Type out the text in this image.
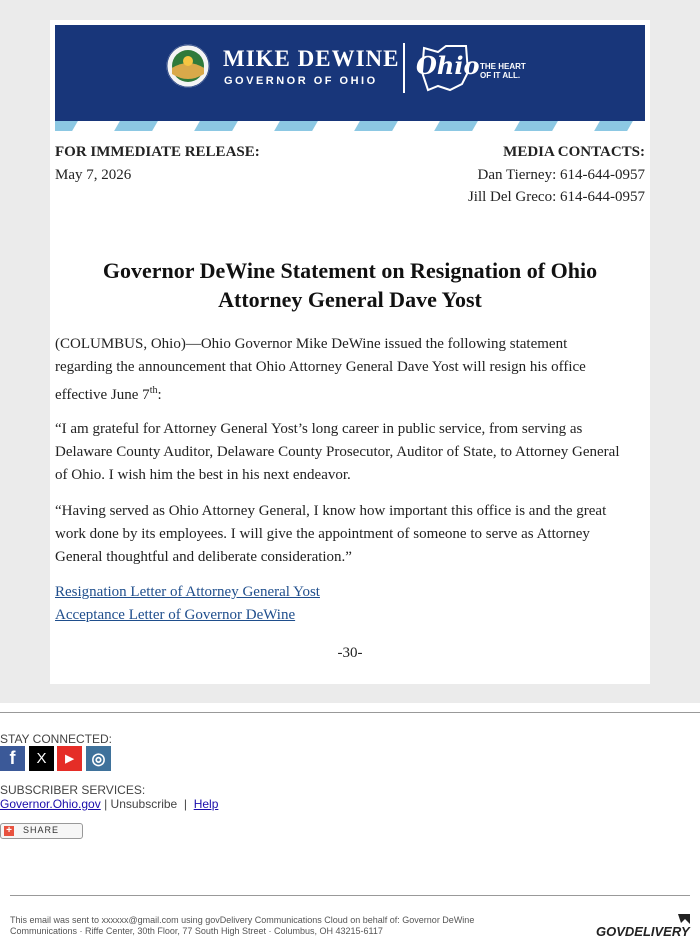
MIKE DEWINE
GOVERNOR OF OHIO
Ohio THE HEART
OF IT ALL.
FOR IMMEDIATE RELEASE:
May 7, 2026
MEDIA CONTACTS:
Dan Tierney: 614-644-0957
Jill Del Greco: 614-644-0957
Governor DeWine Statement on Resignation of Ohio
Attorney General Dave Yost
(COLUMBUS, Ohio)—Ohio Governor Mike DeWine issued the following statement
regarding the announcement that Ohio Attorney General Dave Yost will resign his office
effective June 7th:
“I am grateful for Attorney General Yost’s long career in public service, from serving as
Delaware County Auditor, Delaware County Prosecutor, Auditor of State, to Attorney General
of Ohio. I wish him the best in his next endeavor.
“Having served as Ohio Attorney General, I know how important this office is and the great
work done by its employees. I will give the appointment of someone to serve as Attorney
General thoughtful and deliberate consideration.”
Resignation Letter of Attorney General Yost
Acceptance Letter of Governor DeWine
-30-
STAY CONNECTED:
f X ▶ ◎
SUBSCRIBER SERVICES:
Governor.Ohio.gov | Unsubscribe  |  Help
+ SHARE
This email was sent to xxxxxx@gmail.com using govDelivery Communications Cloud on behalf of: Governor DeWine
Communications · Riffe Center, 30th Floor, 77 South High Street · Columbus, OH 43215-6117	GOVDELIVERY
